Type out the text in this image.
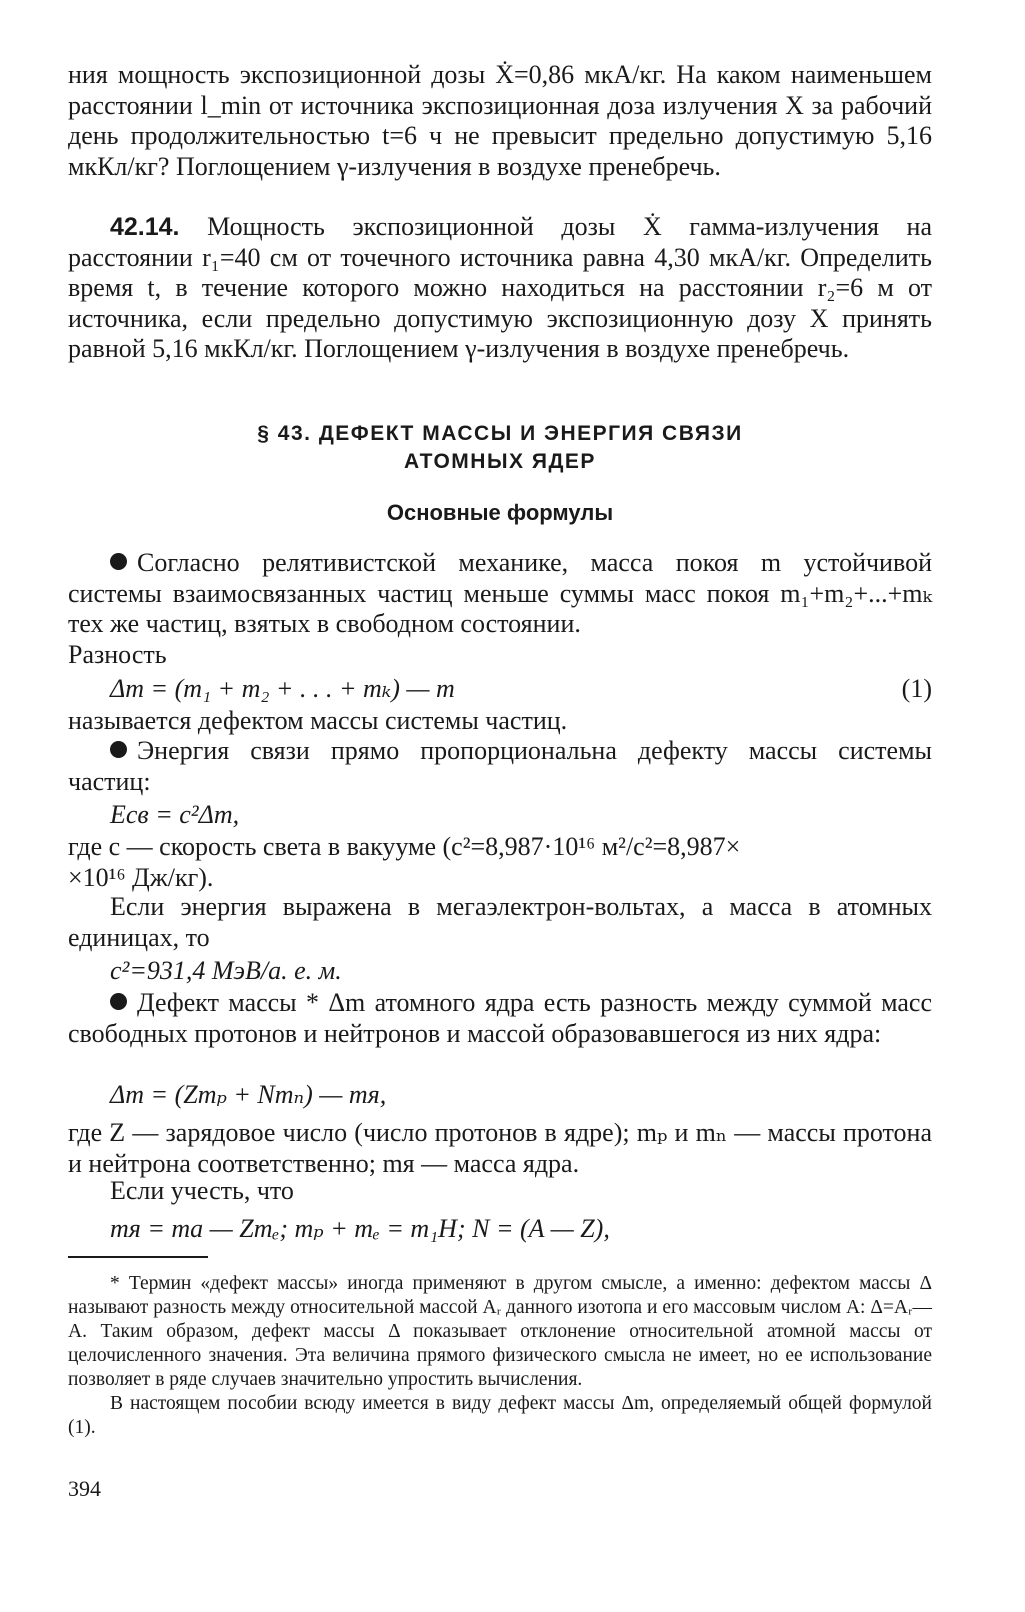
ния мощность экспозиционной дозы Ẋ=0,86 мкА/кг. На каком наименьшем расстоянии l_min от источника экспозиционная доза излучения X за рабочий день продолжительностью t=6 ч не превысит предельно допустимую 5,16 мкКл/кг? Поглощением γ-излучения в воздухе пренебречь.

42.14. Мощность экспозиционной дозы Ẋ гамма-излучения на расстоянии r₁=40 см от точечного источника равна 4,30 мкА/кг. Определить время t, в течение которого можно находиться на расстоянии r₂=6 м от источника, если предельно допустимую экспозиционную дозу X принять равной 5,16 мкКл/кг. Поглощением γ-излучения в воздухе пренебречь.

§ 43. ДЕФЕКТ МАССЫ И ЭНЕРГИЯ СВЯЗИ
АТОМНЫХ ЯДЕР
Основные формулы

Согласно релятивистской механике, масса покоя m устойчивой системы взаимосвязанных частиц меньше суммы масс покоя m₁+m₂+...+mₖ тех же частиц, взятых в свободном состоянии.

Разность

Δm = (m₁ + m₂ + . . . + mₖ) — m	(1)

называется дефектом массы системы частиц.

Энергия связи прямо пропорциональна дефекту массы системы частиц:

Eсв = c²Δm,

где c — скорость света в вакууме (c²=8,987·10¹⁶ м²/с²=8,987×

×10¹⁶ Дж/кг).

Если энергия выражена в мегаэлектрон-вольтах, а масса в атомных единицах, то

c²=931,4 МэВ/а. е. м.

Дефект массы * Δm атомного ядра есть разность между суммой масс свободных протонов и нейтронов и массой образовавшегося из них ядра:

Δm = (Zmₚ + Nmₙ) — mя,

где Z — зарядовое число (число протонов в ядре); mₚ и mₙ — массы протона и нейтрона соответственно; mя — масса ядра.

Если учесть, что

mя = mа — Zmₑ; mₚ + mₑ = m₁H; N = (A — Z),

* Термин «дефект массы» иногда применяют в другом смысле, а именно: дефектом массы Δ называют разность между относительной массой Aᵣ данного изотопа и его массовым числом A: Δ=Aᵣ—A. Таким образом, дефект массы Δ показывает отклонение относительной атомной массы от целочисленного значения. Эта величина прямого физического смысла не имеет, но ее использование позволяет в ряде случаев значительно упростить вычисления.

В настоящем пособии всюду имеется в виду дефект массы Δm, определяемый общей формулой (1).

394
